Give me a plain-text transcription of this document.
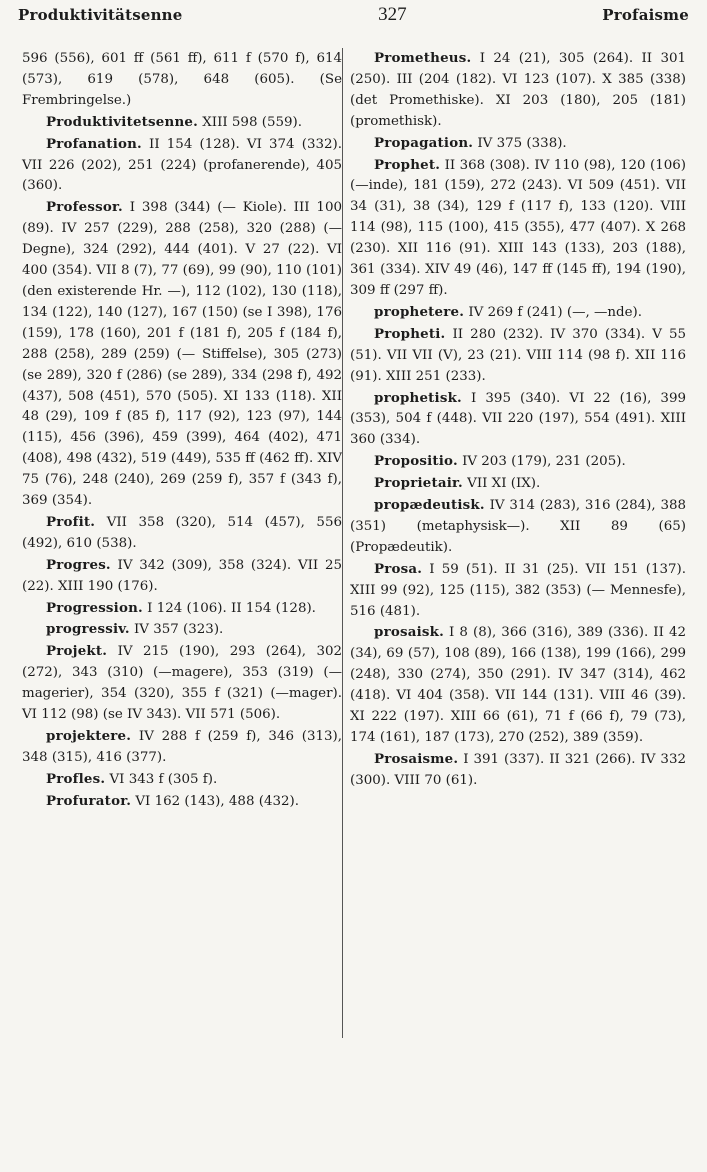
Produktivitätsenne	327	Profaisme

596 (556), 601 ff (561 ff), 611 f (570 f), 614 (573), 619 (578), 648 (605). (Se Frembringelse.)

Produktivitetsenne. XIII 598 (559).

Profanation. II 154 (128). VI 374 (332). VII 226 (202), 251 (224) (profanerende), 405 (360).

Professor. I 398 (344) (— Kiole). III 100 (89). IV 257 (229), 288 (258), 320 (288) (— Degne), 324 (292), 444 (401). V 27 (22). VI 400 (354). VII 8 (7), 77 (69), 99 (90), 110 (101) (den existerende Hr. —), 112 (102), 130 (118), 134 (122), 140 (127), 167 (150) (se I 398), 176 (159), 178 (160), 201 f (181 f), 205 f (184 f), 288 (258), 289 (259) (— Stiffelse), 305 (273) (se 289), 320 f (286) (se 289), 334 (298 f), 492 (437), 508 (451), 570 (505). XI 133 (118). XII 48 (29), 109 f (85 f), 117 (92), 123 (97), 144 (115), 456 (396), 459 (399), 464 (402), 471 (408), 498 (432), 519 (449), 535 ff (462 ff). XIV 75 (76), 248 (240), 269 (259 f), 357 f (343 f), 369 (354).

Profit. VII 358 (320), 514 (457), 556 (492), 610 (538).

Progres. IV 342 (309), 358 (324). VII 25 (22). XIII 190 (176).

Progression. I 124 (106). II 154 (128).

progressiv. IV 357 (323).

Projekt. IV 215 (190), 293 (264), 302 (272), 343 (310) (—magere), 353 (319) (—magerier), 354 (320), 355 f (321) (—mager). VI 112 (98) (se IV 343). VII 571 (506).

projektere. IV 288 f (259 f), 346 (313), 348 (315), 416 (377).

Profles. VI 343 f (305 f).

Profurator. VI 162 (143), 488 (432).

Prometheus. I 24 (21), 305 (264). II 301 (250). III (204 (182). VI 123 (107). X 385 (338) (det Promethiske). XI 203 (180), 205 (181) (promethisk).

Propagation. IV 375 (338).

Prophet. II 368 (308). IV 110 (98), 120 (106) (—inde), 181 (159), 272 (243). VI 509 (451). VII 34 (31), 38 (34), 129 f (117 f), 133 (120). VIII 114 (98), 115 (100), 415 (355), 477 (407). X 268 (230). XII 116 (91). XIII 143 (133), 203 (188), 361 (334). XIV 49 (46), 147 ff (145 ff), 194 (190), 309 ff (297 ff).

prophetere. IV 269 f (241) (—, —nde).

Propheti. II 280 (232). IV 370 (334). V 55 (51). VII VII (V), 23 (21). VIII 114 (98 f). XII 116 (91). XIII 251 (233).

prophetisk. I 395 (340). VI 22 (16), 399 (353), 504 f (448). VII 220 (197), 554 (491). XIII 360 (334).

Propositio. IV 203 (179), 231 (205).

Proprietair. VII XI (IX).

propædeutisk. IV 314 (283), 316 (284), 388 (351) (metaphysisk—). XII 89 (65) (Propædeutik).

Prosa. I 59 (51). II 31 (25). VII 151 (137). XIII 99 (92), 125 (115), 382 (353) (— Mennesfe), 516 (481).

prosaisk. I 8 (8), 366 (316), 389 (336). II 42 (34), 69 (57), 108 (89), 166 (138), 199 (166), 299 (248), 330 (274), 350 (291). IV 347 (314), 462 (418). VI 404 (358). VII 144 (131). VIII 46 (39). XI 222 (197). XIII 66 (61), 71 f (66 f), 79 (73), 174 (161), 187 (173), 270 (252), 389 (359).

Prosaisme. I 391 (337). II 321 (266). IV 332 (300). VIII 70 (61).
